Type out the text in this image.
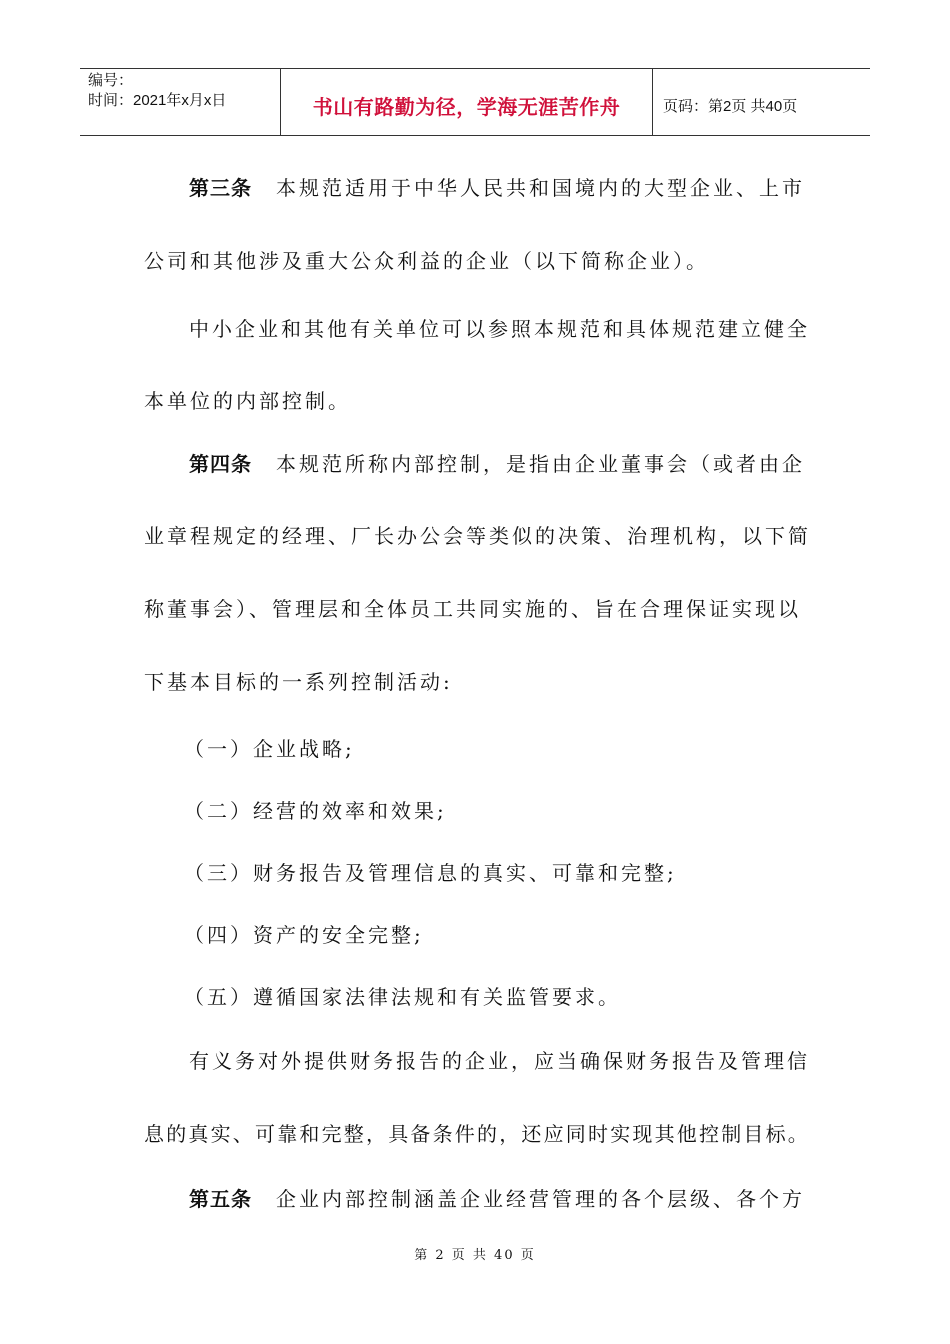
编号：
时间：2021年x月x日	书山有路勤为径，学海无涯苦作舟	页码：第2页 共40页

第三条 本规范适用于中华人民共和国境内的大型企业、上市

公司和其他涉及重大公众利益的企业（以下简称企业）。

中小企业和其他有关单位可以参照本规范和具体规范建立健全

本单位的内部控制。

第四条 本规范所称内部控制，是指由企业董事会（或者由企

业章程规定的经理、厂长办公会等类似的决策、治理机构，以下简

称董事会）、管理层和全体员工共同实施的、旨在合理保证实现以

下基本目标的一系列控制活动:

（一）企业战略;

（二）经营的效率和效果;

（三）财务报告及管理信息的真实、可靠和完整;

（四）资产的安全完整;

（五）遵循国家法律法规和有关监管要求。

有义务对外提供财务报告的企业，应当确保财务报告及管理信

息的真实、可靠和完整，具备条件的，还应同时实现其他控制目标。

第五条 企业内部控制涵盖企业经营管理的各个层级、各个方

第 2 页 共 40 页
